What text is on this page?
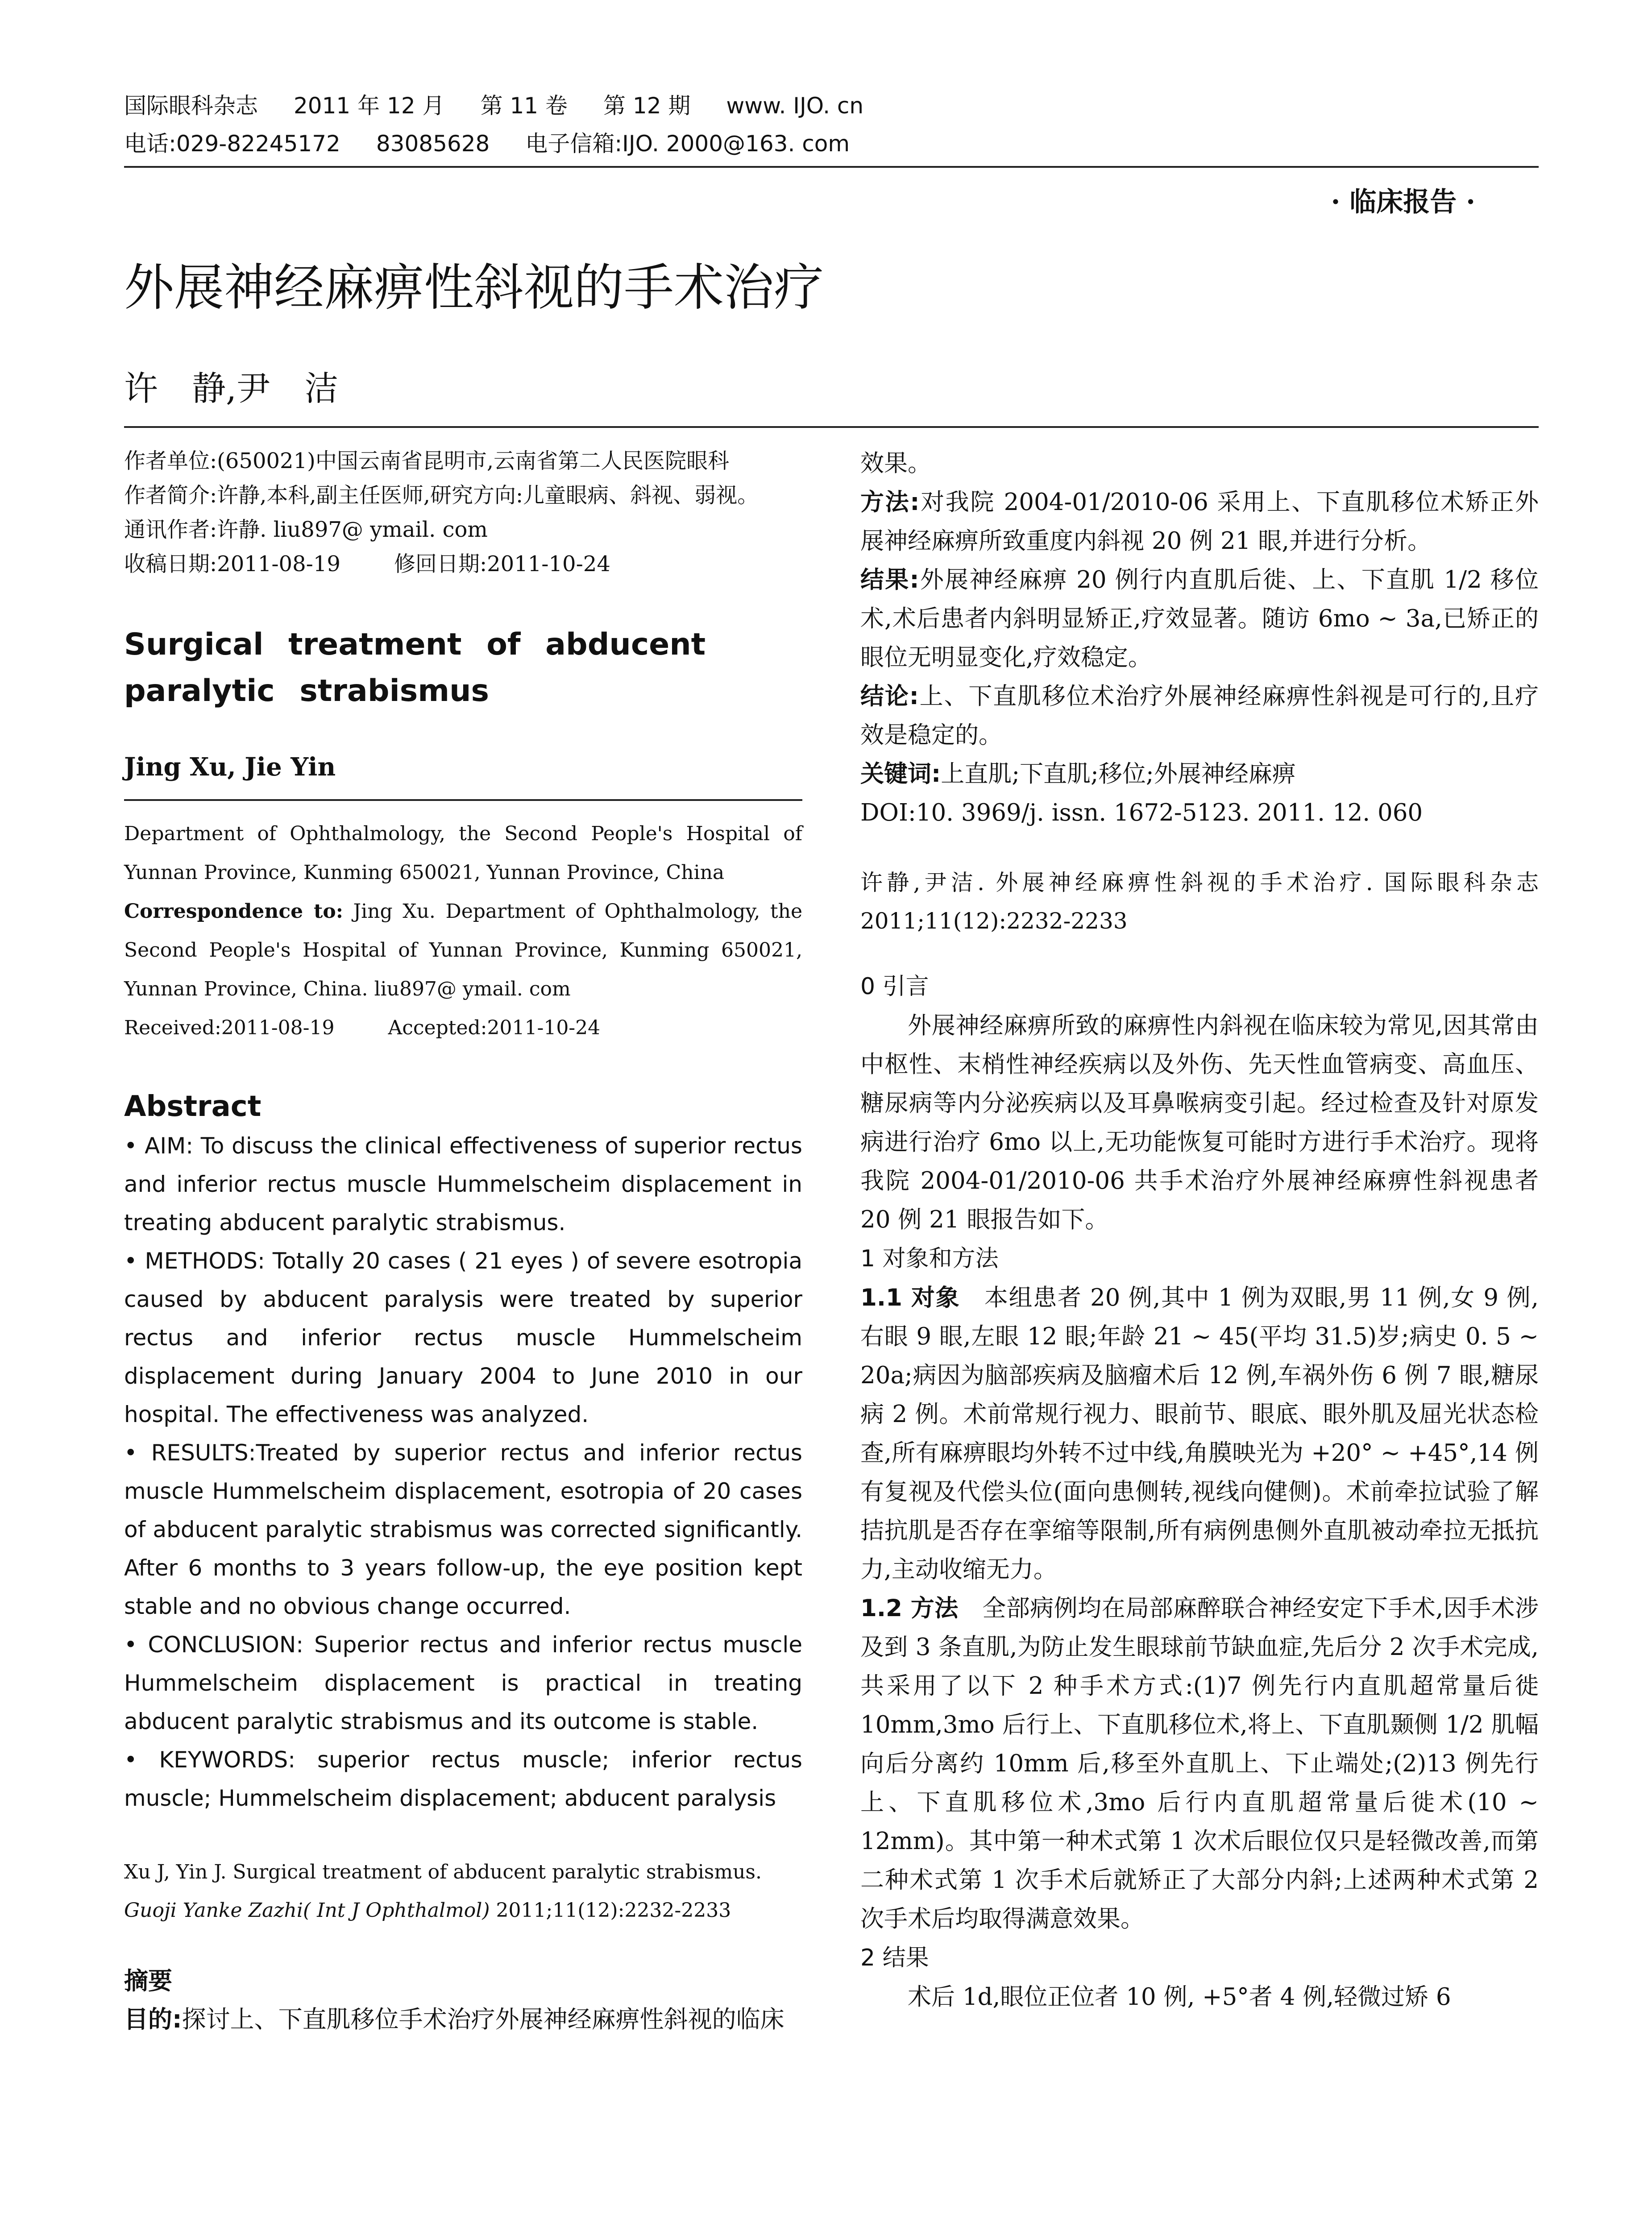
国际眼科杂志 2011 年 12 月 第 11 卷 第 12 期 www. IJO. cn
电话:029-82245172 83085628 电子信箱:IJO. 2000@163. com
· 临床报告 ·
外展神经麻痹性斜视的手术治疗
许　静,尹　洁

作者单位:(650021)中国云南省昆明市,云南省第二人民医院眼科

作者简介:许静,本科,副主任医师,研究方向:儿童眼病、斜视、弱视。

通讯作者:许静. liu897@ ymail. com

收稿日期:2011-08-19	修回日期:2011-10-24

Surgical treatment of abducent paralytic strabismus
Jing Xu, Jie Yin

Department of Ophthalmology, the Second People's Hospital of Yunnan Province, Kunming 650021, Yunnan Province, China

Correspondence to: Jing Xu. Department of Ophthalmology, the Second People's Hospital of Yunnan Province, Kunming 650021, Yunnan Province, China. liu897@ ymail. com

Received:2011-08-19	Accepted:2011-10-24

Abstract

• AIM: To discuss the clinical effectiveness of superior rectus and inferior rectus muscle Hummelscheim displacement in treating abducent paralytic strabismus.

• METHODS: Totally 20 cases ( 21 eyes ) of severe esotropia caused by abducent paralysis were treated by superior rectus and inferior rectus muscle Hummelscheim displacement during January 2004 to June 2010 in our hospital. The effectiveness was analyzed.

• RESULTS:Treated by superior rectus and inferior rectus muscle Hummelscheim displacement, esotropia of 20 cases of abducent paralytic strabismus was corrected significantly. After 6 months to 3 years follow-up, the eye position kept stable and no obvious change occurred.

• CONCLUSION: Superior rectus and inferior rectus muscle Hummelscheim displacement is practical in treating abducent paralytic strabismus and its outcome is stable.

• KEYWORDS: superior rectus muscle; inferior rectus muscle; Hummelscheim displacement; abducent paralysis

Xu J, Yin J. Surgical treatment of abducent paralytic strabismus.

Guoji Yanke Zazhi( Int J Ophthalmol) 2011;11(12):2232-2233

摘要

目的:探讨上、下直肌移位手术治疗外展神经麻痹性斜视的临床

效果。

方法:对我院 2004-01/2010-06 采用上、下直肌移位术矫正外展神经麻痹所致重度内斜视 20 例 21 眼,并进行分析。

结果:外展神经麻痹 20 例行内直肌后徙、上、下直肌 1/2 移位术,术后患者内斜明显矫正,疗效显著。随访 6mo ~ 3a,已矫正的眼位无明显变化,疗效稳定。

结论:上、下直肌移位术治疗外展神经麻痹性斜视是可行的,且疗效是稳定的。

关键词:上直肌;下直肌;移位;外展神经麻痹

DOI:10. 3969/j. issn. 1672-5123. 2011. 12. 060

许静,尹洁. 外展神经麻痹性斜视的手术治疗. 国际眼科杂志 2011;11(12):2232-2233

0 引言

外展神经麻痹所致的麻痹性内斜视在临床较为常见,因其常由中枢性、末梢性神经疾病以及外伤、先天性血管病变、高血压、糖尿病等内分泌疾病以及耳鼻喉病变引起。经过检查及针对原发病进行治疗 6mo 以上,无功能恢复可能时方进行手术治疗。现将我院 2004-01/2010-06 共手术治疗外展神经麻痹性斜视患者 20 例 21 眼报告如下。

1 对象和方法

1.1 对象　本组患者 20 例,其中 1 例为双眼,男 11 例,女 9 例,右眼 9 眼,左眼 12 眼;年龄 21 ~ 45(平均 31.5)岁;病史 0. 5 ~ 20a;病因为脑部疾病及脑瘤术后 12 例,车祸外伤 6 例 7 眼,糖尿病 2 例。术前常规行视力、眼前节、眼底、眼外肌及屈光状态检查,所有麻痹眼均外转不过中线,角膜映光为 +20° ~ +45°,14 例有复视及代偿头位(面向患侧转,视线向健侧)。术前牵拉试验了解拮抗肌是否存在挛缩等限制,所有病例患侧外直肌被动牵拉无抵抗力,主动收缩无力。

1.2 方法　全部病例均在局部麻醉联合神经安定下手术,因手术涉及到 3 条直肌,为防止发生眼球前节缺血症,先后分 2 次手术完成,共采用了以下 2 种手术方式:(1)7 例先行内直肌超常量后徙 10mm,3mo 后行上、下直肌移位术,将上、下直肌颞侧 1/2 肌幅向后分离约 10mm 后,移至外直肌上、下止端处;(2)13 例先行上、下直肌移位术,3mo 后行内直肌超常量后徙术(10 ~ 12mm)。其中第一种术式第 1 次术后眼位仅只是轻微改善,而第二种术式第 1 次手术后就矫正了大部分内斜;上述两种术式第 2 次手术后均取得满意效果。

2 结果

术后 1d,眼位正位者 10 例, +5°者 4 例,轻微过矫 6
